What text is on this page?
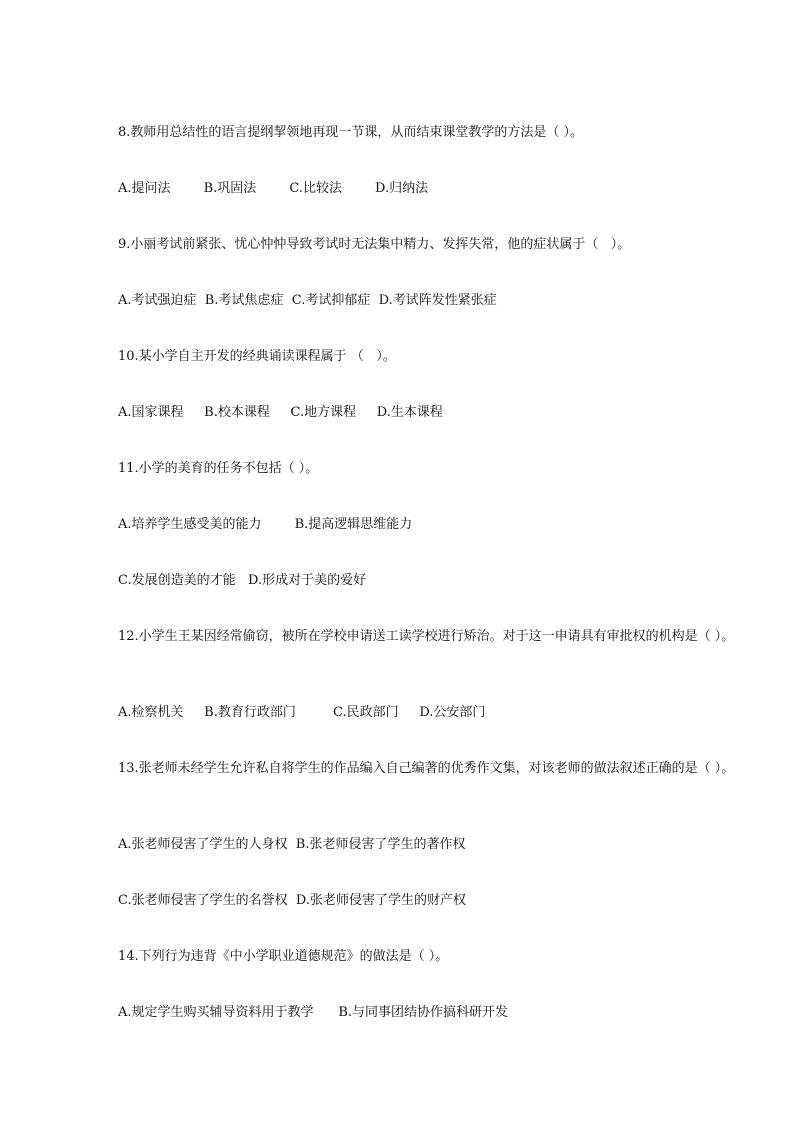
8.教师用总结性的语言提纲挈领地再现一节课，从而结束课堂教学的方法是（ ）。
A.提问法        B.巩固法        C.比较法        D.归纳法
9.小丽考试前紧张、忧心忡忡导致考试时无法集中精力、发挥失常，他的症状属于（   ）。
A.考试强迫症  B.考试焦虑症  C.考试抑郁症  D.考试阵发性紧张症
10.某小学自主开发的经典诵读课程属于 （   ）。
A.国家课程     B.校本课程     C.地方课程     D.生本课程
11.小学的美育的任务不包括（ ）。
A.培养学生感受美的能力        B.提高逻辑思维能力
C.发展创造美的才能   D.形成对于美的爱好
12.小学生王某因经常偷窃，被所在学校申请送工读学校进行矫治。对于这一申请具有审批权的机构是（ ）。
A.检察机关     B.教育行政部门         C.民政部门     D.公安部门
13.张老师未经学生允许私自将学生的作品编入自己编著的优秀作文集，对该老师的做法叙述正确的是（ ）。
A.张老师侵害了学生的人身权  B.张老师侵害了学生的著作权
C.张老师侵害了学生的名誉权  D.张老师侵害了学生的财产权
14.下列行为违背《中小学职业道德规范》的做法是（ ）。
A.规定学生购买辅导资料用于教学      B.与同事团结协作搞科研开发
